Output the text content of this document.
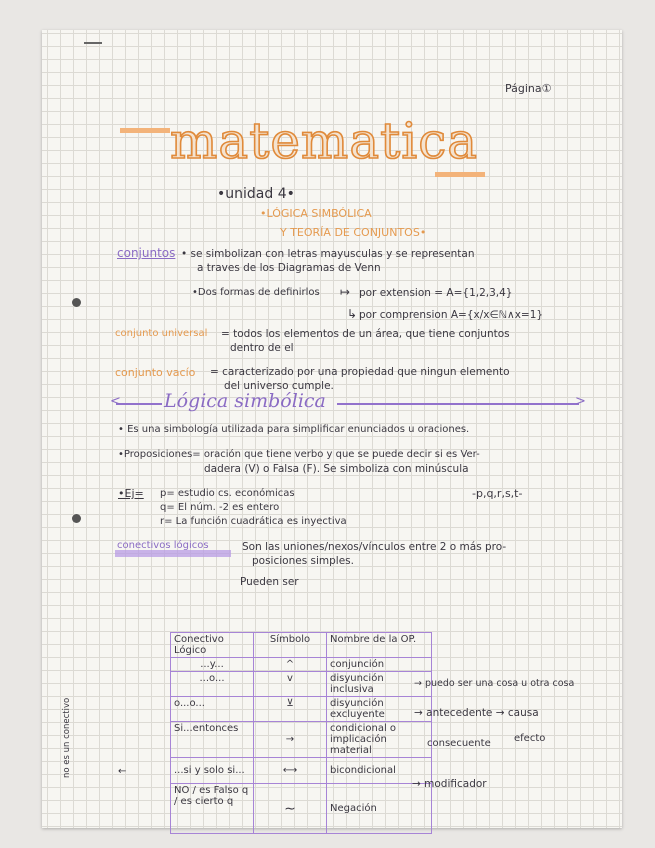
Página①
matematica
•unidad 4•
•LÓGICA SIMBÓLICA
Y TEORÍA DE CONJUNTOS•
conjuntos • se simbolizan con letras mayusculas y se representan
a traves de los Diagramas de Venn
•Dos formas de definirlos ↦ por extension = A={1,2,3,4}
↳ por comprension A={x/x∈ℕ∧x=1}
conjunto universal = todos los elementos de un área, que tiene conjuntos
dentro de el
conjunto vacío = caracterizado por una propiedad que ningun elemento
del universo cumple.
< Lógica simbólica	>
• Es una simbología utilizada para simplificar enunciados u oraciones.
•Proposiciones= oración que tiene verbo y que se puede decir si es Ver-
dadera (V) o Falsa (F). Se simboliza con minúscula
•Ej= p= estudio cs. económicas
q= El núm. -2 es entero
r= La función cuadrática es inyectiva
-p,q,r,s,t-
conectivos lógicos	Son las uniones/nexos/vínculos entre 2 o más pro-
posiciones simples.
Pueden ser
Conectivo Lógico	Símbolo	Nombre de la OP.
...y...	^	conjunción
...o...	v	disyunción inclusiva
o...o...	⊻	disyunción excluyente
Si...entonces	→	condicional o implicación material
...si y solo si...	⟷	bicondicional
NO / es Falso q / es cierto q	∼	Negación
→ puedo ser una cosa u otra cosa
→ antecedente → causa
consecuente efecto
→ modificador
no es un conectivo	←
